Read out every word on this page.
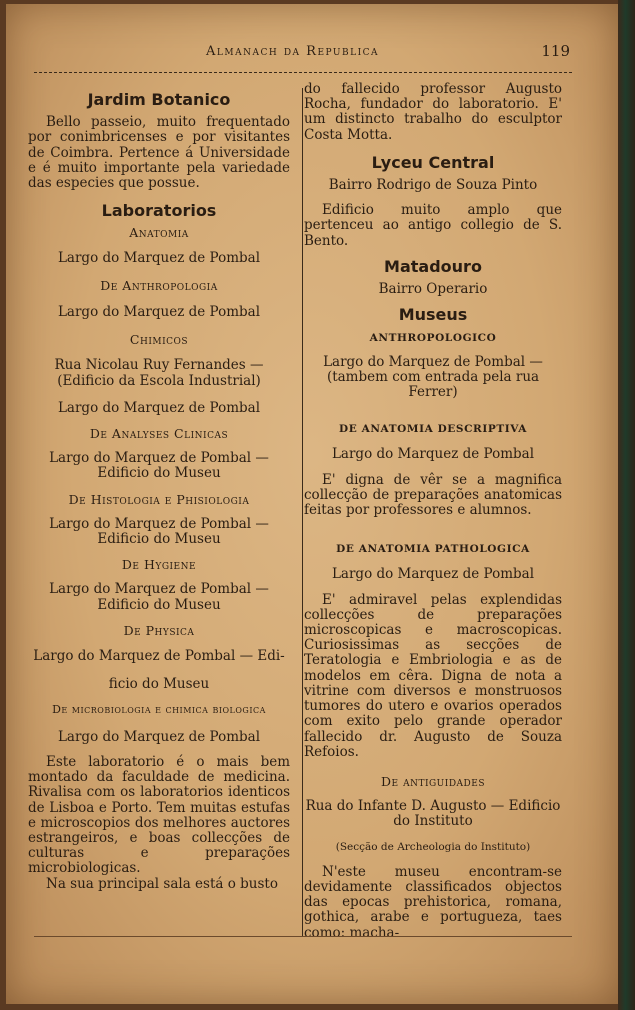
Almanach da Republica	119

Jardim Botanico

Bello passeio, muito frequentado por conimbricenses e por visitantes de Coimbra. Pertence á Universidade e é muito importante pela variedade das especies que possue.

Laboratorios

Anatomia

Largo do Marquez de Pombal

De Anthropologia

Largo do Marquez de Pombal

Chimicos

Rua Nicolau Ruy Fernandes — (Edificio da Escola Industrial)

Largo do Marquez de Pombal

De Analyses Clinicas

Largo do Marquez de Pombal — Edificio do Museu

De Histologia e Phisiologia

Largo do Marquez de Pombal — Edificio do Museu

De Hygiene

Largo do Marquez de Pombal — Edificio do Museu

De Physica

Largo do Marquez de Pombal — Edi-

ficio do Museu

De microbiologia e chimica biologica

Largo do Marquez de Pombal

Este laboratorio é o mais bem montado da faculdade de medicina. Rivalisa com os laboratorios identicos de Lisboa e Porto. Tem muitas estufas e microscopios dos melhores auctores estrangeiros, e boas collecções de culturas e preparações microbiologicas.

Na sua principal sala está o busto

do fallecido professor Augusto Rocha, fundador do laboratorio. E' um distincto trabalho do esculptor Costa Motta.

Lyceu Central

Bairro Rodrigo de Souza Pinto

Edificio muito amplo que pertenceu ao antigo collegio de S. Bento.

Matadouro

Bairro Operario

Museus

ANTHROPOLOGICO

Largo do Marquez de Pombal — (tambem com entrada pela rua Ferrer)

DE ANATOMIA DESCRIPTIVA

Largo do Marquez de Pombal

E' digna de vêr se a magnifica collecção de preparações anatomicas feitas por professores e alumnos.

DE ANATOMIA PATHOLOGICA

Largo do Marquez de Pombal

E' admiravel pelas explendidas collecções de preparações microscopicas e macroscopicas. Curiosissimas as secções de Teratologia e Embriologia e as de modelos em cêra. Digna de nota a vitrine com diversos e monstruosos tumores do utero e ovarios operados com exito pelo grande operador fallecido dr. Augusto de Souza Refoios.

De antiguidades

Rua do Infante D. Augusto — Edificio do Instituto

(Secção de Archeologia do Instituto)

N'este museu encontram-se devidamente classificados objectos das epocas prehistorica, romana, gothica, arabe e portugueza, taes como: macha-
